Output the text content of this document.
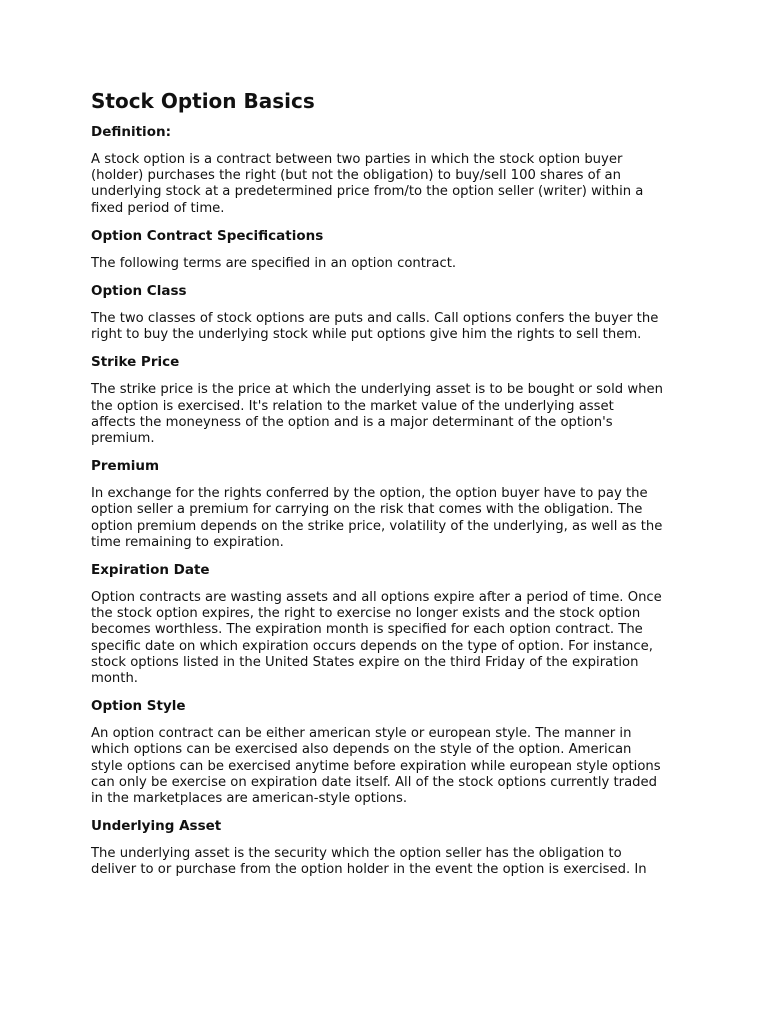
Stock Option Basics
Definition:
A stock option is a contract between two parties in which the stock option buyer
(holder) purchases the right (but not the obligation) to buy/sell 100 shares of an
underlying stock at a predetermined price from/to the option seller (writer) within a
fixed period of time.
Option Contract Specifications
The following terms are specified in an option contract.
Option Class
The two classes of stock options are puts and calls. Call options confers the buyer the
right to buy the underlying stock while put options give him the rights to sell them.
Strike Price
The strike price is the price at which the underlying asset is to be bought or sold when
the option is exercised. It's relation to the market value of the underlying asset
affects the moneyness of the option and is a major determinant of the option's
premium.
Premium
In exchange for the rights conferred by the option, the option buyer have to pay the
option seller a premium for carrying on the risk that comes with the obligation. The
option premium depends on the strike price, volatility of the underlying, as well as the
time remaining to expiration.
Expiration Date
Option contracts are wasting assets and all options expire after a period of time. Once
the stock option expires, the right to exercise no longer exists and the stock option
becomes worthless. The expiration month is specified for each option contract. The
specific date on which expiration occurs depends on the type of option. For instance,
stock options listed in the United States expire on the third Friday of the expiration
month.
Option Style
An option contract can be either american style or european style. The manner in
which options can be exercised also depends on the style of the option. American
style options can be exercised anytime before expiration while european style options
can only be exercise on expiration date itself. All of the stock options currently traded
in the marketplaces are american-style options.
Underlying Asset
The underlying asset is the security which the option seller has the obligation to
deliver to or purchase from the option holder in the event the option is exercised. In
